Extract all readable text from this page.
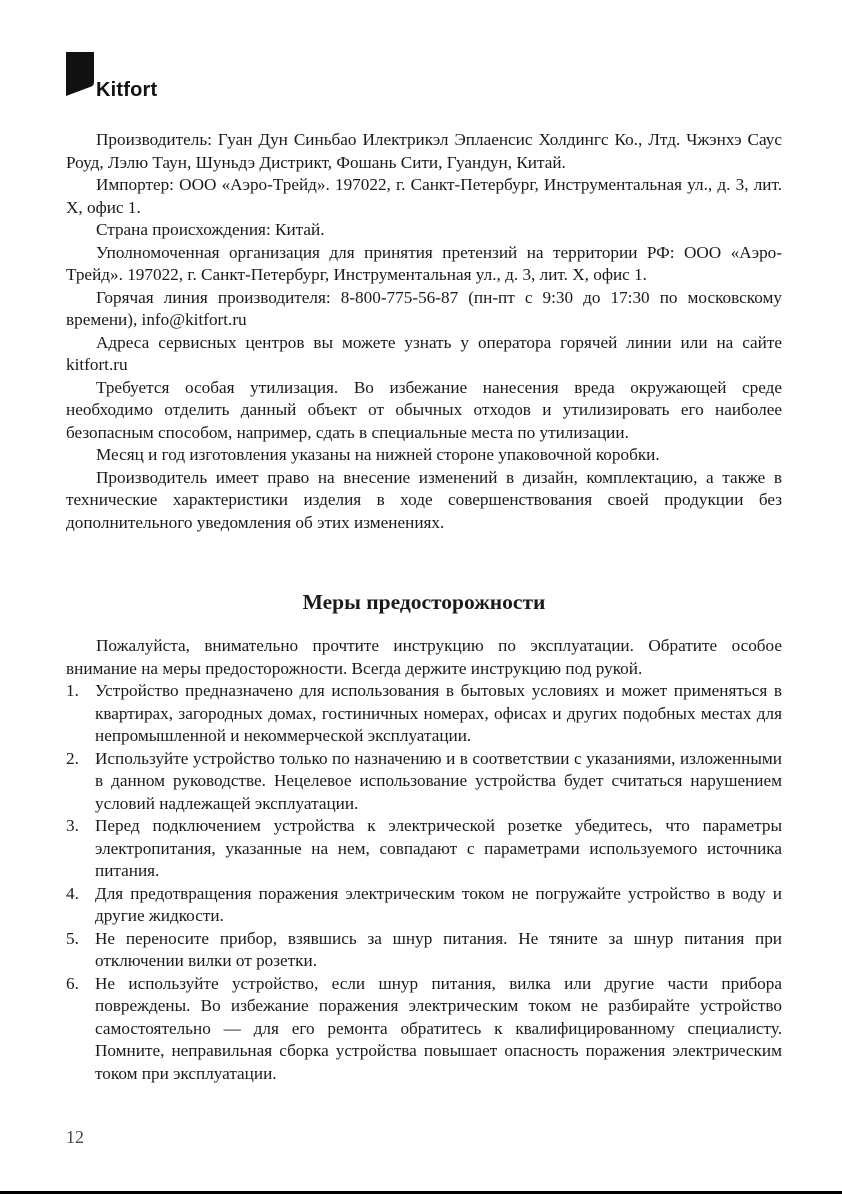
Kitfort

Производитель: Гуан Дун Синьбао Илектрикэл Эплаенсис Холдингс Ко., Лтд. Чжэнхэ Саус Роуд, Лэлю Таун, Шуньдэ Дистрикт, Фошань Сити, Гуандун, Китай.

Импортер: ООО «Аэро-Трейд». 197022, г. Санкт-Петербург, Инструментальная ул., д. 3, лит. Х, офис 1.

Страна происхождения: Китай.

Уполномоченная организация для принятия претензий на территории РФ: ООО «Аэро-Трейд». 197022, г. Санкт-Петербург, Инструментальная ул., д. 3, лит. Х, офис 1.

Горячая линия производителя: 8-800-775-56-87 (пн-пт с 9:30 до 17:30 по московскому времени), info@kitfort.ru

Адреса сервисных центров вы можете узнать у оператора горячей линии или на сайте kitfort.ru

Требуется особая утилизация. Во избежание нанесения вреда окружающей среде необходимо отделить данный объект от обычных отходов и утилизировать его наиболее безопасным способом, например, сдать в специальные места по утилизации.

Месяц и год изготовления указаны на нижней стороне упаковочной коробки.

Производитель имеет право на внесение изменений в дизайн, комплектацию, а также в технические характеристики изделия в ходе совершенствования своей продукции без дополнительного уведомления об этих изменениях.

Меры предосторожности

Пожалуйста, внимательно прочтите инструкцию по эксплуатации. Обратите особое внимание на меры предосторожности. Всегда держите инструкцию под рукой.

1. Устройство предназначено для использования в бытовых условиях и может применяться в квартирах, загородных домах, гостиничных номерах, офисах и других подобных местах для непромышленной и некоммерческой эксплуатации.
2. Используйте устройство только по назначению и в соответствии с указаниями, изложенными в данном руководстве. Нецелевое использование устройства будет считаться нарушением условий надлежащей эксплуатации.
3. Перед подключением устройства к электрической розетке убедитесь, что параметры электропитания, указанные на нем, совпадают с параметрами используемого источника питания.
4. Для предотвращения поражения электрическим током не погружайте устройство в воду и другие жидкости.
5. Не переносите прибор, взявшись за шнур питания. Не тяните за шнур питания при отключении вилки от розетки.
6. Не используйте устройство, если шнур питания, вилка или другие части прибора повреждены. Во избежание поражения электрическим током не разбирайте устройство самостоятельно — для его ремонта обратитесь к квалифицированному специалисту. Помните, неправильная сборка устройства повышает опасность поражения электрическим током при эксплуатации.
12
